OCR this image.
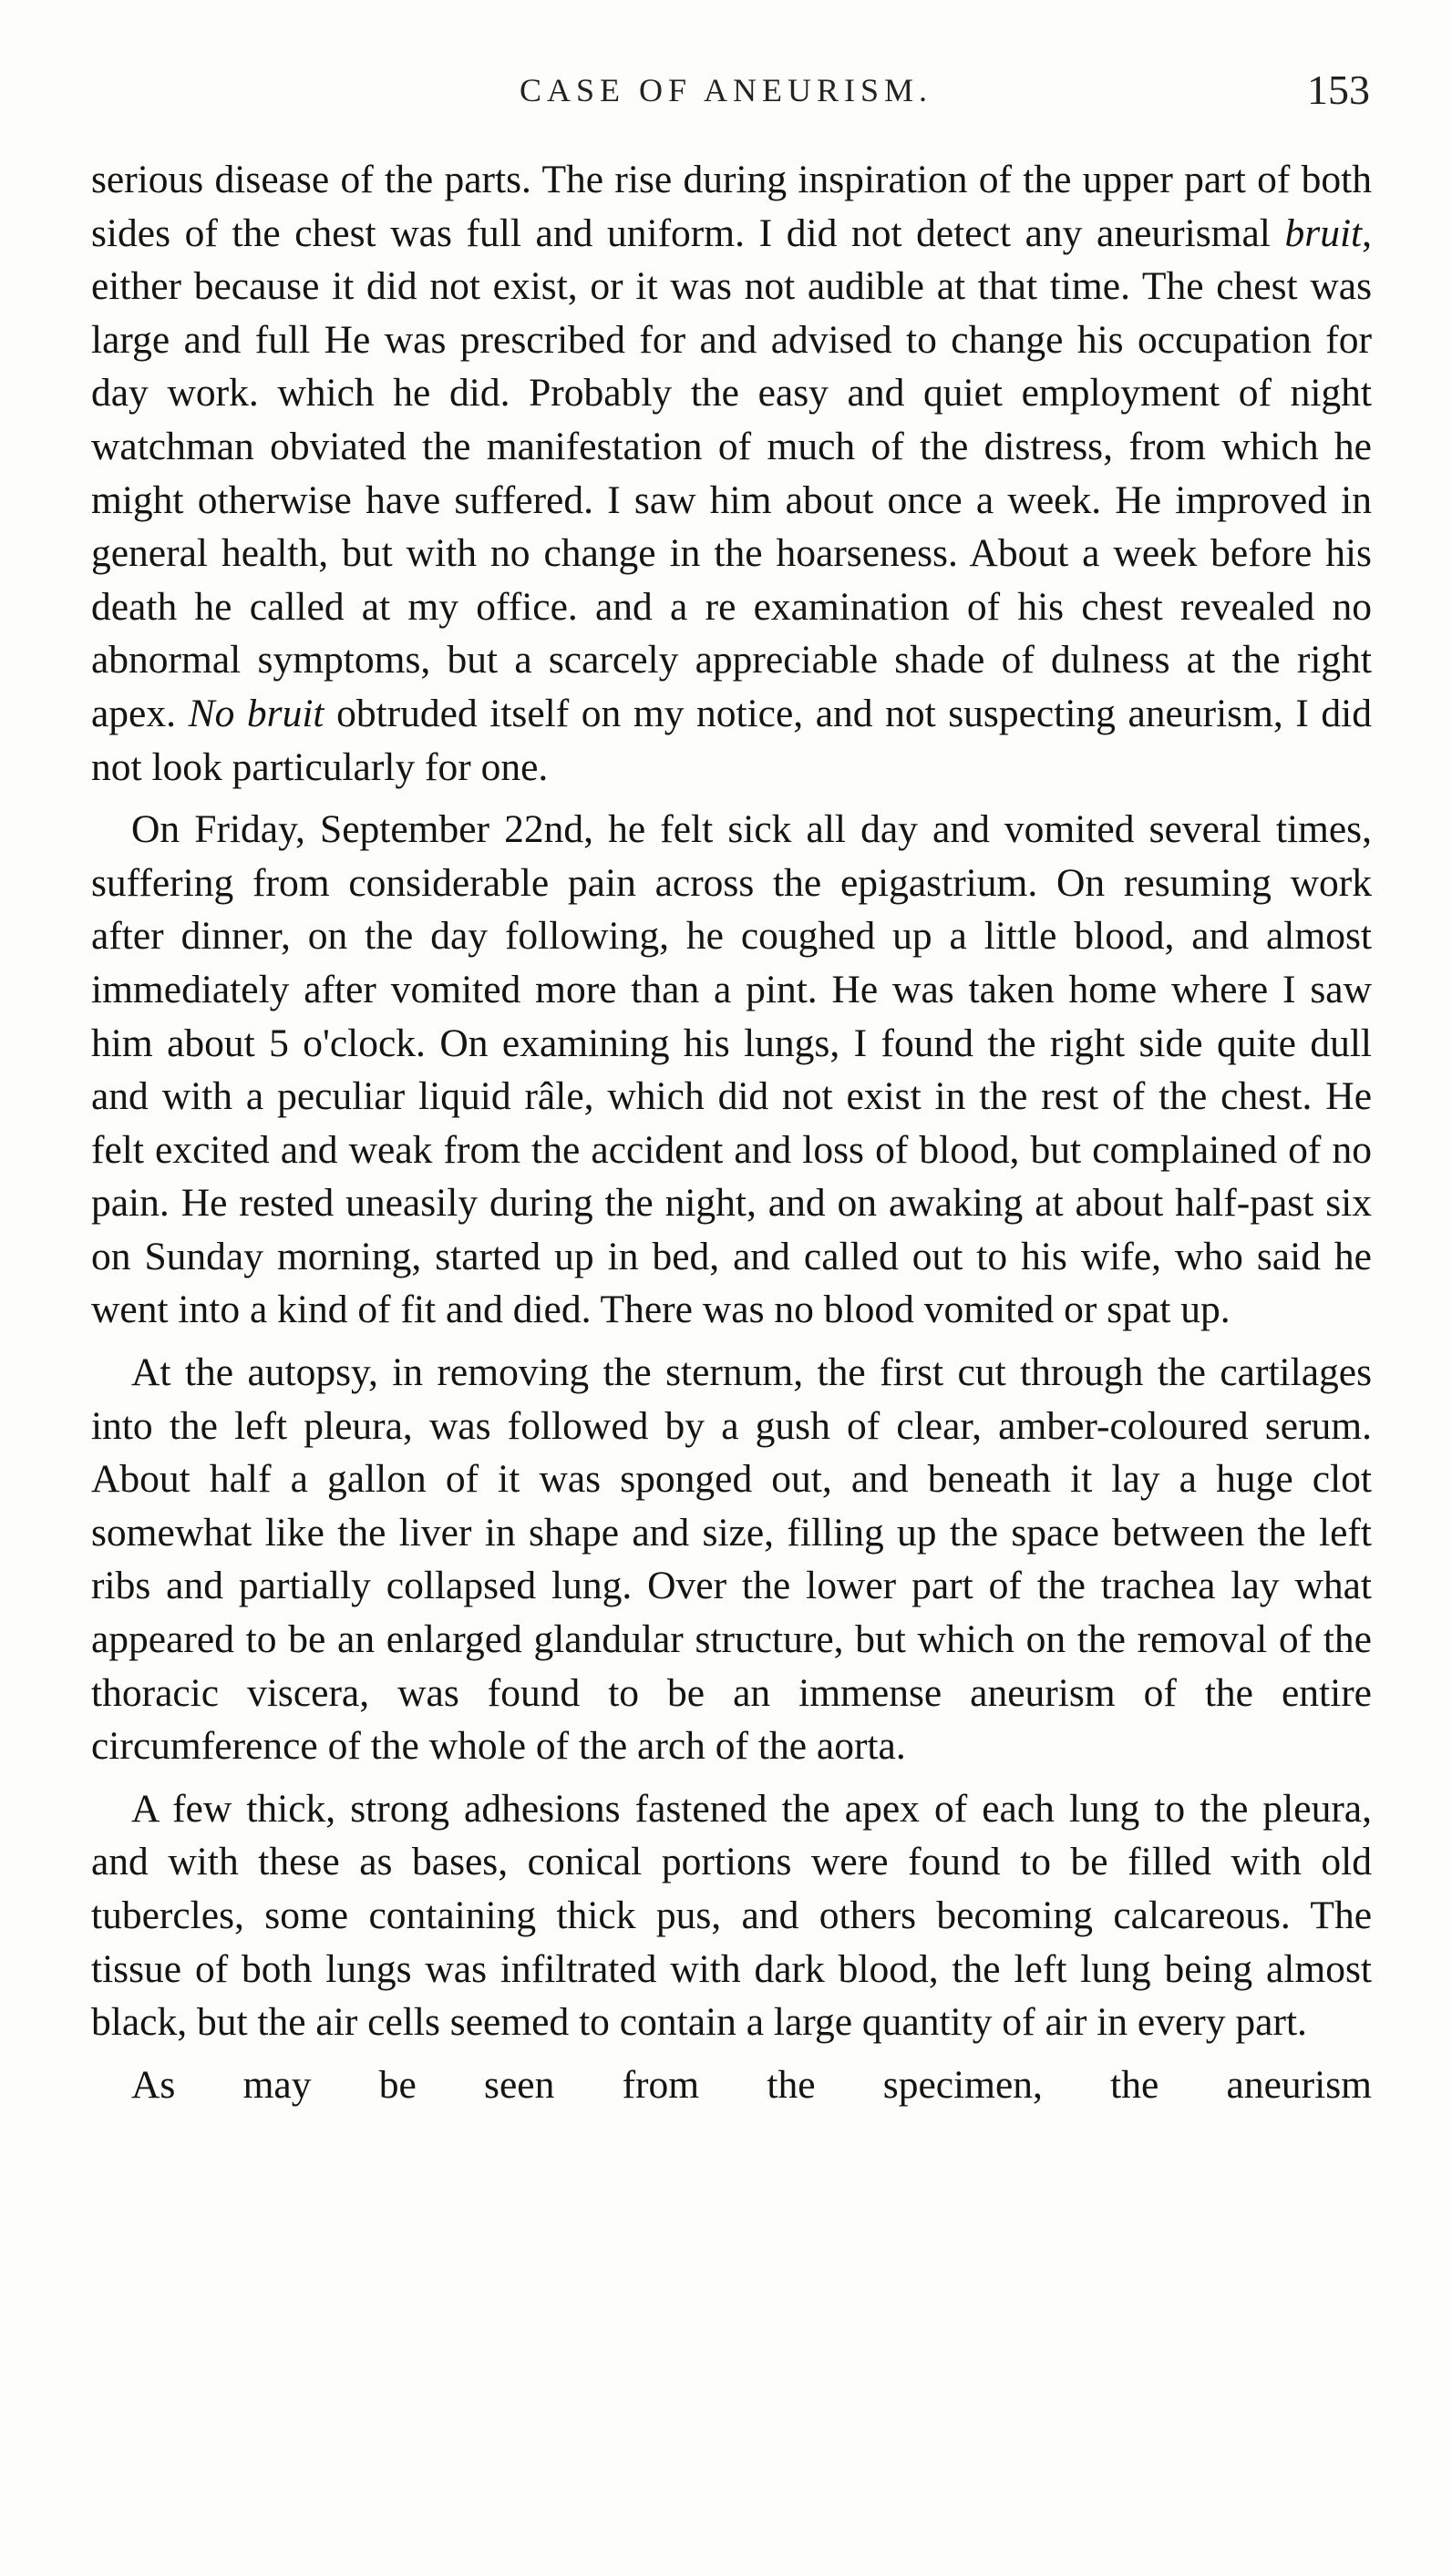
CASE OF ANEURISM.	153

serious disease of the parts. The rise during inspiration of the upper part of both sides of the chest was full and uniform. I did not detect any aneurismal bruit, either because it did not exist, or it was not audible at that time. The chest was large and full He was prescribed for and advised to change his occupation for day work. which he did. Probably the easy and quiet employment of night watchman obviated the manifestation of much of the distress, from which he might otherwise have suffered. I saw him about once a week. He improved in general health, but with no change in the hoarseness. About a week before his death he called at my office. and a re examination of his chest revealed no abnormal symptoms, but a scarcely appreciable shade of dulness at the right apex. No bruit obtruded itself on my notice, and not suspecting aneurism, I did not look particularly for one.

On Friday, September 22nd, he felt sick all day and vomited several times, suffering from considerable pain across the epigastrium. On resuming work after dinner, on the day following, he coughed up a little blood, and almost immediately after vomited more than a pint. He was taken home where I saw him about 5 o'clock. On examining his lungs, I found the right side quite dull and with a peculiar liquid râle, which did not exist in the rest of the chest. He felt excited and weak from the accident and loss of blood, but complained of no pain. He rested uneasily during the night, and on awaking at about half-past six on Sunday morning, started up in bed, and called out to his wife, who said he went into a kind of fit and died. There was no blood vomited or spat up.

At the autopsy, in removing the sternum, the first cut through the cartilages into the left pleura, was followed by a gush of clear, amber-coloured serum. About half a gallon of it was sponged out, and beneath it lay a huge clot somewhat like the liver in shape and size, filling up the space between the left ribs and partially collapsed lung. Over the lower part of the trachea lay what appeared to be an enlarged glandular structure, but which on the removal of the thoracic viscera, was found to be an immense aneurism of the entire circumference of the whole of the arch of the aorta.

A few thick, strong adhesions fastened the apex of each lung to the pleura, and with these as bases, conical portions were found to be filled with old tubercles, some containing thick pus, and others becoming calcareous. The tissue of both lungs was infiltrated with dark blood, the left lung being almost black, but the air cells seemed to contain a large quantity of air in every part.

As may be seen from the specimen, the aneurism
